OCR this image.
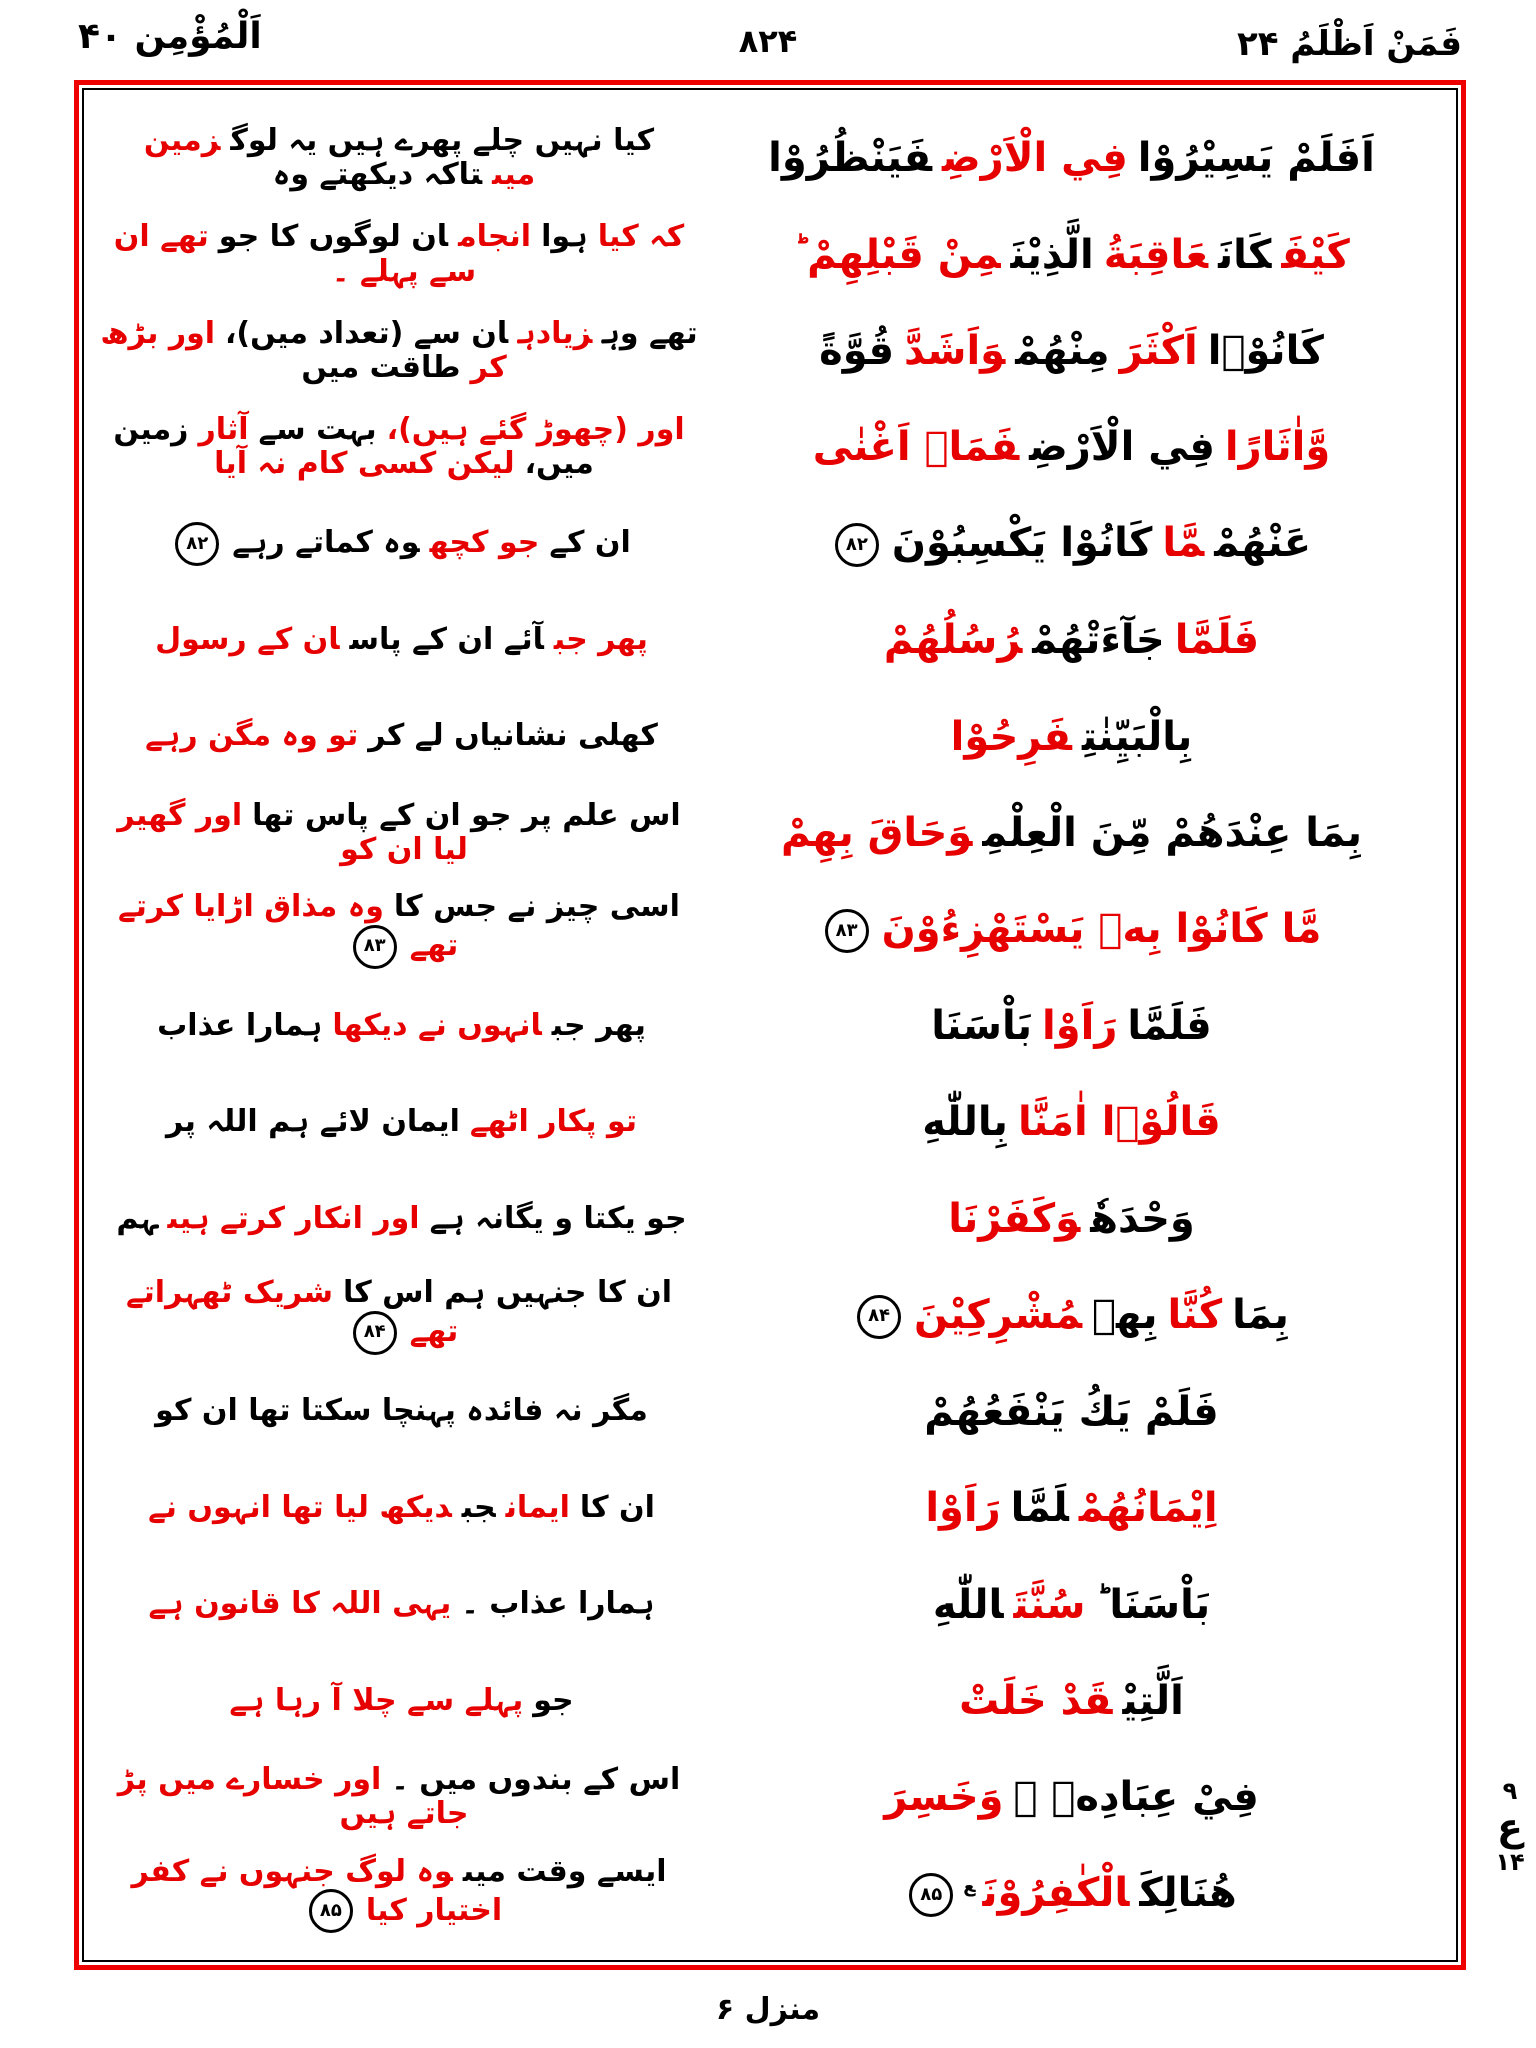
اَلْمُؤْمِن ۴۰	۸۲۴	فَمَنْ اَظْلَمُ ۲۴
کیا نہیں چلے پھرے ہیں یہ لوگزمین میںتاکہ دیکھتے وہ	اَفَلَمْ يَسِيْرُوْافِي الْاَرْضِفَيَنْظُرُوْا
کہ کیاہواانجامان لوگوں کا جوتھے ان سے پہلے ۔	كَيْفَكَانَعَاقِبَةُالَّذِيْنَمِنْ قَبْلِهِمْ ؕ
تھے وہزیادہان سے (تعداد میں)،اور بڑھ کرطاقت میں	كَانُوْۤااَكْثَرَمِنْهُمْوَاَشَدَّقُوَّةً
اور (چھوڑ گئے ہیں)،بہت سےآثارزمین میں،لیکن کسی کام نہ آیا	وَّاٰثَارًافِي الْاَرْضِفَمَاۤ اَغْنٰى
ان کےجو کچھوہ کماتے رہے۸۲	عَنْهُمْمَّاكَانُوْا يَكْسِبُوْنَ۸۲
پھر جبآئے ان کے پاسان کے رسول	فَلَمَّاجَآءَتْهُمْرُسُلُهُمْ
کھلی نشانیاں لے کرتو وہ مگن رہے	بِالْبَيِّنٰتِفَرِحُوْا
اس علم پر جو ان کے پاس تھااور گھیر لیا ان کو	بِمَا عِنْدَهُمْ مِّنَ الْعِلْمِوَحَاقَ بِهِمْ
اسی چیز نے جس کاوہ مذاق اڑایا کرتے تھے۸۳	مَّا كَانُوْا بِهٖ يَسْتَهْزِءُوْنَ۸۳
پھر جبانہوں نے دیکھاہمارا عذاب	فَلَمَّارَاَوْابَاْسَنَا
تو پکار اٹھےایمان لائے ہم اللہ پر	قَالُوْۤا اٰمَنَّابِاللّٰهِ
جو یکتا و یگانہ ہےاور انکار کرتے ہیںہم	وَحْدَهٗوَكَفَرْنَا
ان کا جنہیں ہم اس کاشریک ٹھہراتے تھے۸۴	بِمَاكُنَّابِهٖمُشْرِكِيْنَ۸۴
مگر نہ فائدہ پہنچا سکتا تھا ان کو	فَلَمْ يَكُ يَنْفَعُهُمْ
ان کاایمانجبدیکھ لیا تھا انہوں نے	اِيْمَانُهُمْلَمَّارَاَوْا
ہمارا عذاب ۔یہی اللہ کا قانون ہے	بَاْسَنَا ؕسُنَّتَاللّٰهِ
جوپہلے سے چلا آ رہا ہے	اَلَّتِيْقَدْ خَلَتْ
اس کے بندوں میں ۔اور خسارے میں پڑ جاتے ہیں	فِيْ عِبَادِهٖ ۚوَخَسِرَ
ایسے وقت میںوہ لوگ جنہوں نے کفر اختیار کیا۸۵	هُنَالِكَالْكٰفِرُوْنَ$^ع$۸۵
۹
ع
۱۴
منزل ۶
